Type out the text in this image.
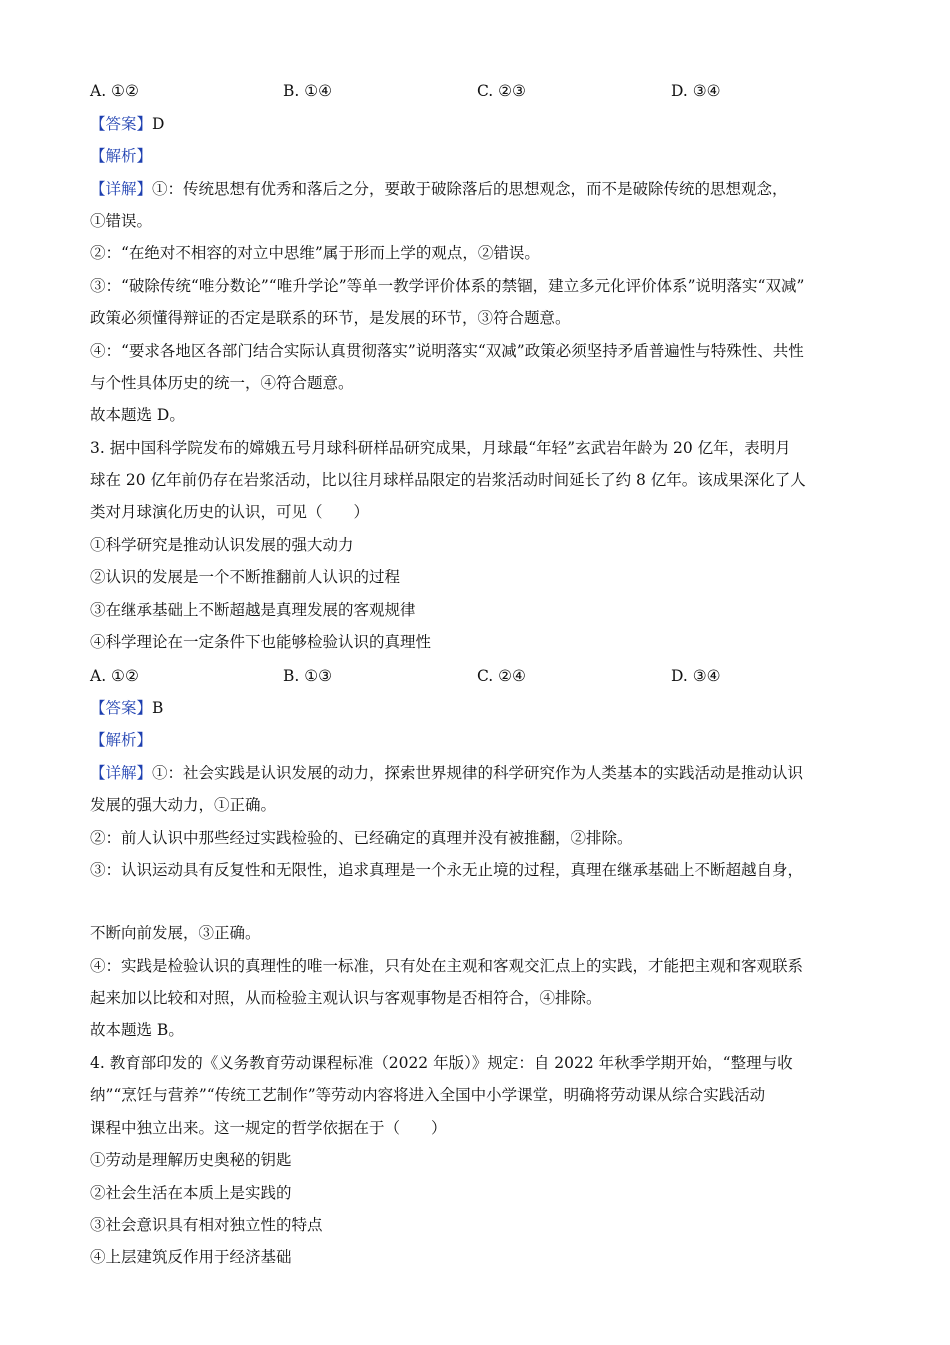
A. ①②	B. ①④	C. ②③	D. ③④
【答案】D
【解析】
【详解】①：传统思想有优秀和落后之分，要敢于破除落后的思想观念，而不是破除传统的思想观念，
①错误。
②：“在绝对不相容的对立中思维”属于形而上学的观点，②错误。
③：“破除传统“唯分数论”“唯升学论”等单一教学评价体系的禁锢，建立多元化评价体系”说明落实“双减”
政策必须懂得辩证的否定是联系的环节，是发展的环节，③符合题意。
④：“要求各地区各部门结合实际认真贯彻落实”说明落实“双减”政策必须坚持矛盾普遍性与特殊性、共性
与个性具体历史的统一，④符合题意。
故本题选 D。
3. 据中国科学院发布的嫦娥五号月球科研样品研究成果，月球最“年轻”玄武岩年龄为 20 亿年，表明月
球在 20 亿年前仍存在岩浆活动，比以往月球样品限定的岩浆活动时间延长了约 8 亿年。该成果深化了人
类对月球演化历史的认识，可见（　　）
①科学研究是推动认识发展的强大动力
②认识的发展是一个不断推翻前人认识的过程
③在继承基础上不断超越是真理发展的客观规律
④科学理论在一定条件下也能够检验认识的真理性
A. ①②	B. ①③	C. ②④	D. ③④
【答案】B
【解析】
【详解】①：社会实践是认识发展的动力，探索世界规律的科学研究作为人类基本的实践活动是推动认识
发展的强大动力，①正确。
②：前人认识中那些经过实践检验的、已经确定的真理并没有被推翻，②排除。
③：认识运动具有反复性和无限性，追求真理是一个永无止境的过程，真理在继承基础上不断超越自身，
不断向前发展，③正确。
④：实践是检验认识的真理性的唯一标准，只有处在主观和客观交汇点上的实践，才能把主观和客观联系
起来加以比较和对照，从而检验主观认识与客观事物是否相符合，④排除。
故本题选 B。
4. 教育部印发的《义务教育劳动课程标准（2022 年版）》规定：自 2022 年秋季学期开始，“整理与收
纳”“烹饪与营养”“传统工艺制作”等劳动内容将进入全国中小学课堂，明确将劳动课从综合实践活动
课程中独立出来。这一规定的哲学依据在于（　　）
①劳动是理解历史奥秘的钥匙
②社会生活在本质上是实践的
③社会意识具有相对独立性的特点
④上层建筑反作用于经济基础
